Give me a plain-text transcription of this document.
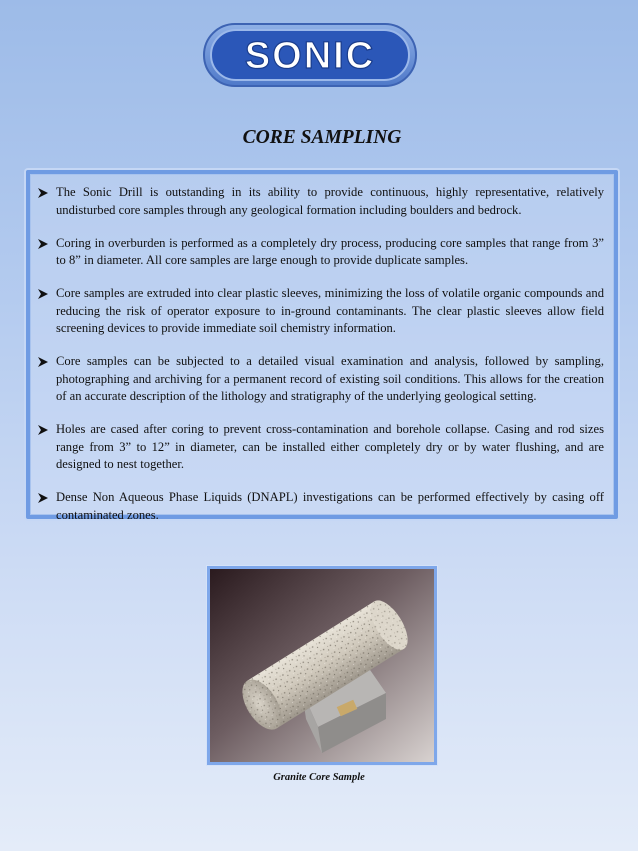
SONIC
CORE SAMPLING
The Sonic Drill is outstanding in its ability to provide continuous, highly representative, relatively undisturbed core samples through any geological formation including boulders and bedrock.
Coring in overburden is performed as a completely dry process, producing core samples that range from 3” to 8” in diameter. All core samples are large enough to provide duplicate samples.
Core samples are extruded into clear plastic sleeves, minimizing the loss of volatile organic compounds and reducing the risk of operator exposure to in-ground contaminants. The clear plastic sleeves allow field screening devices to provide immediate soil chemistry information.
Core samples can be subjected to a detailed visual examination and analysis, followed by sampling, photographing and archiving for a permanent record of existing soil conditions. This allows for the creation of an accurate description of the lithology and stratigraphy of the underlying geological setting.
Holes are cased after coring to prevent cross-contamination and borehole collapse. Casing and rod sizes range from 3” to 12” in diameter, can be installed either completely dry or by water flushing, and are designed to nest together.
Dense Non Aqueous Phase Liquids (DNAPL) investigations can be performed effectively by casing off contaminated zones.
Granite Core Sample
